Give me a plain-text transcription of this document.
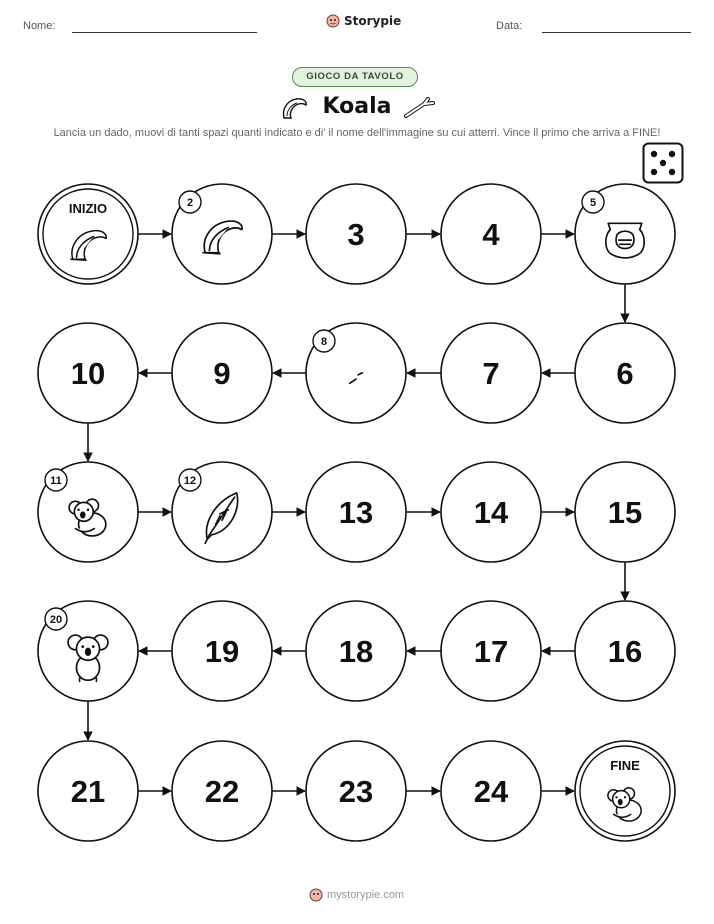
Nome:	Storypie	Data:
GIOCO DA TAVOLO
Koala
Lancia un dado, muovi di tanti spazi quanti indicato e di' il nome dell'immagine su cui atterri. Vince il primo che arriva a FINE!
INIZIO	2
3	4
5
6
7
8
9
10
11	12
13	14	15
16
17
18
19
20
21	22	23	24
FINE
mystorypie.com
